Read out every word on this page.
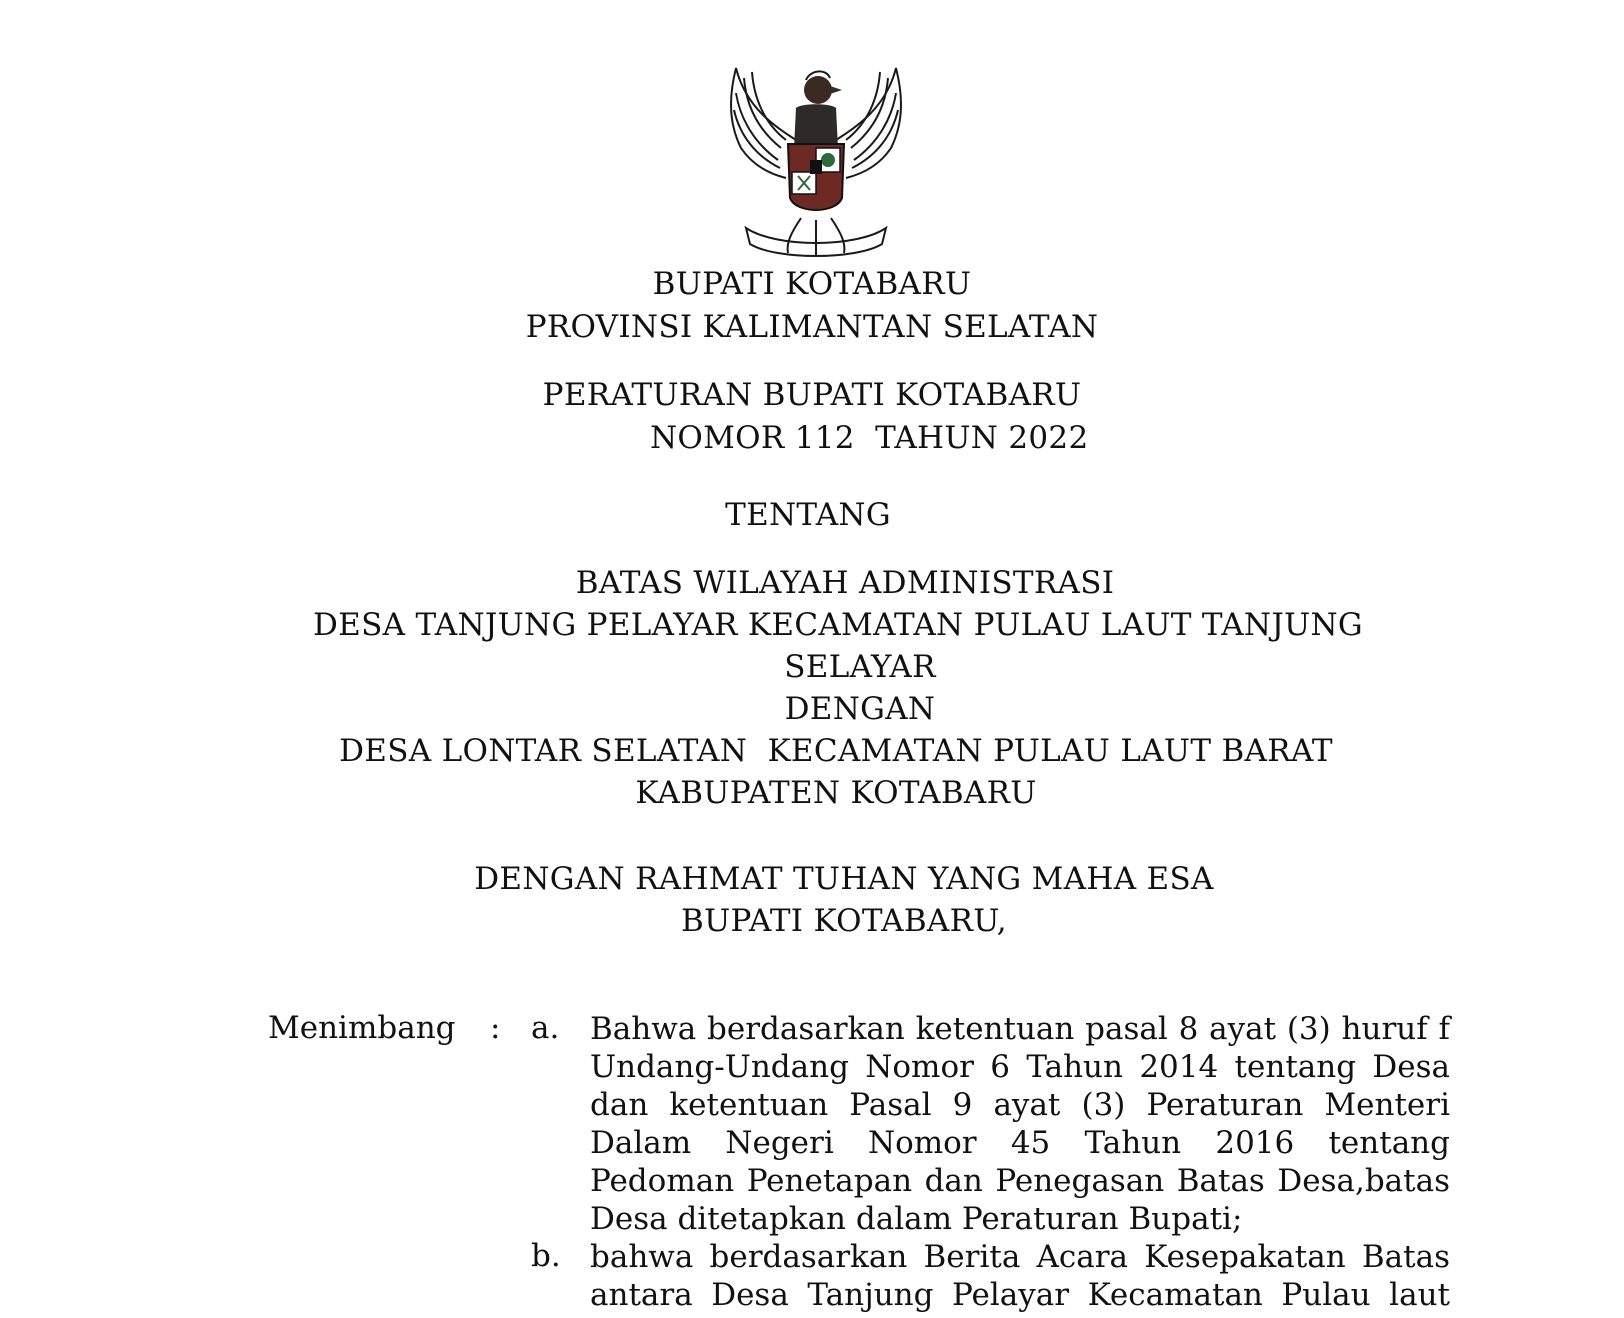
BUPATI KOTABARU
PROVINSI KALIMANTAN SELATAN
PERATURAN BUPATI KOTABARU
NOMOR 112  TAHUN 2022
TENTANG
BATAS WILAYAH ADMINISTRASI
DESA TANJUNG PELAYAR KECAMATAN PULAU LAUT TANJUNG
SELAYAR
DENGAN
DESA LONTAR SELATAN  KECAMATAN PULAU LAUT BARAT
KABUPATEN KOTABARU
DENGAN RAHMAT TUHAN YANG MAHA ESA
BUPATI KOTABARU,
Menimbang : a. Bahwa berdasarkan ketentuan pasal 8 ayat (3) huruf f Undang-Undang Nomor 6 Tahun 2014 tentang Desa dan ketentuan Pasal 9 ayat (3) Peraturan Menteri Dalam Negeri Nomor 45 Tahun 2016 tentang Pedoman Penetapan dan Penegasan Batas Desa,batas Desa ditetapkan dalam Peraturan Bupati;
b. bahwa berdasarkan Berita Acara Kesepakatan Batas antara Desa Tanjung Pelayar Kecamatan Pulau laut
